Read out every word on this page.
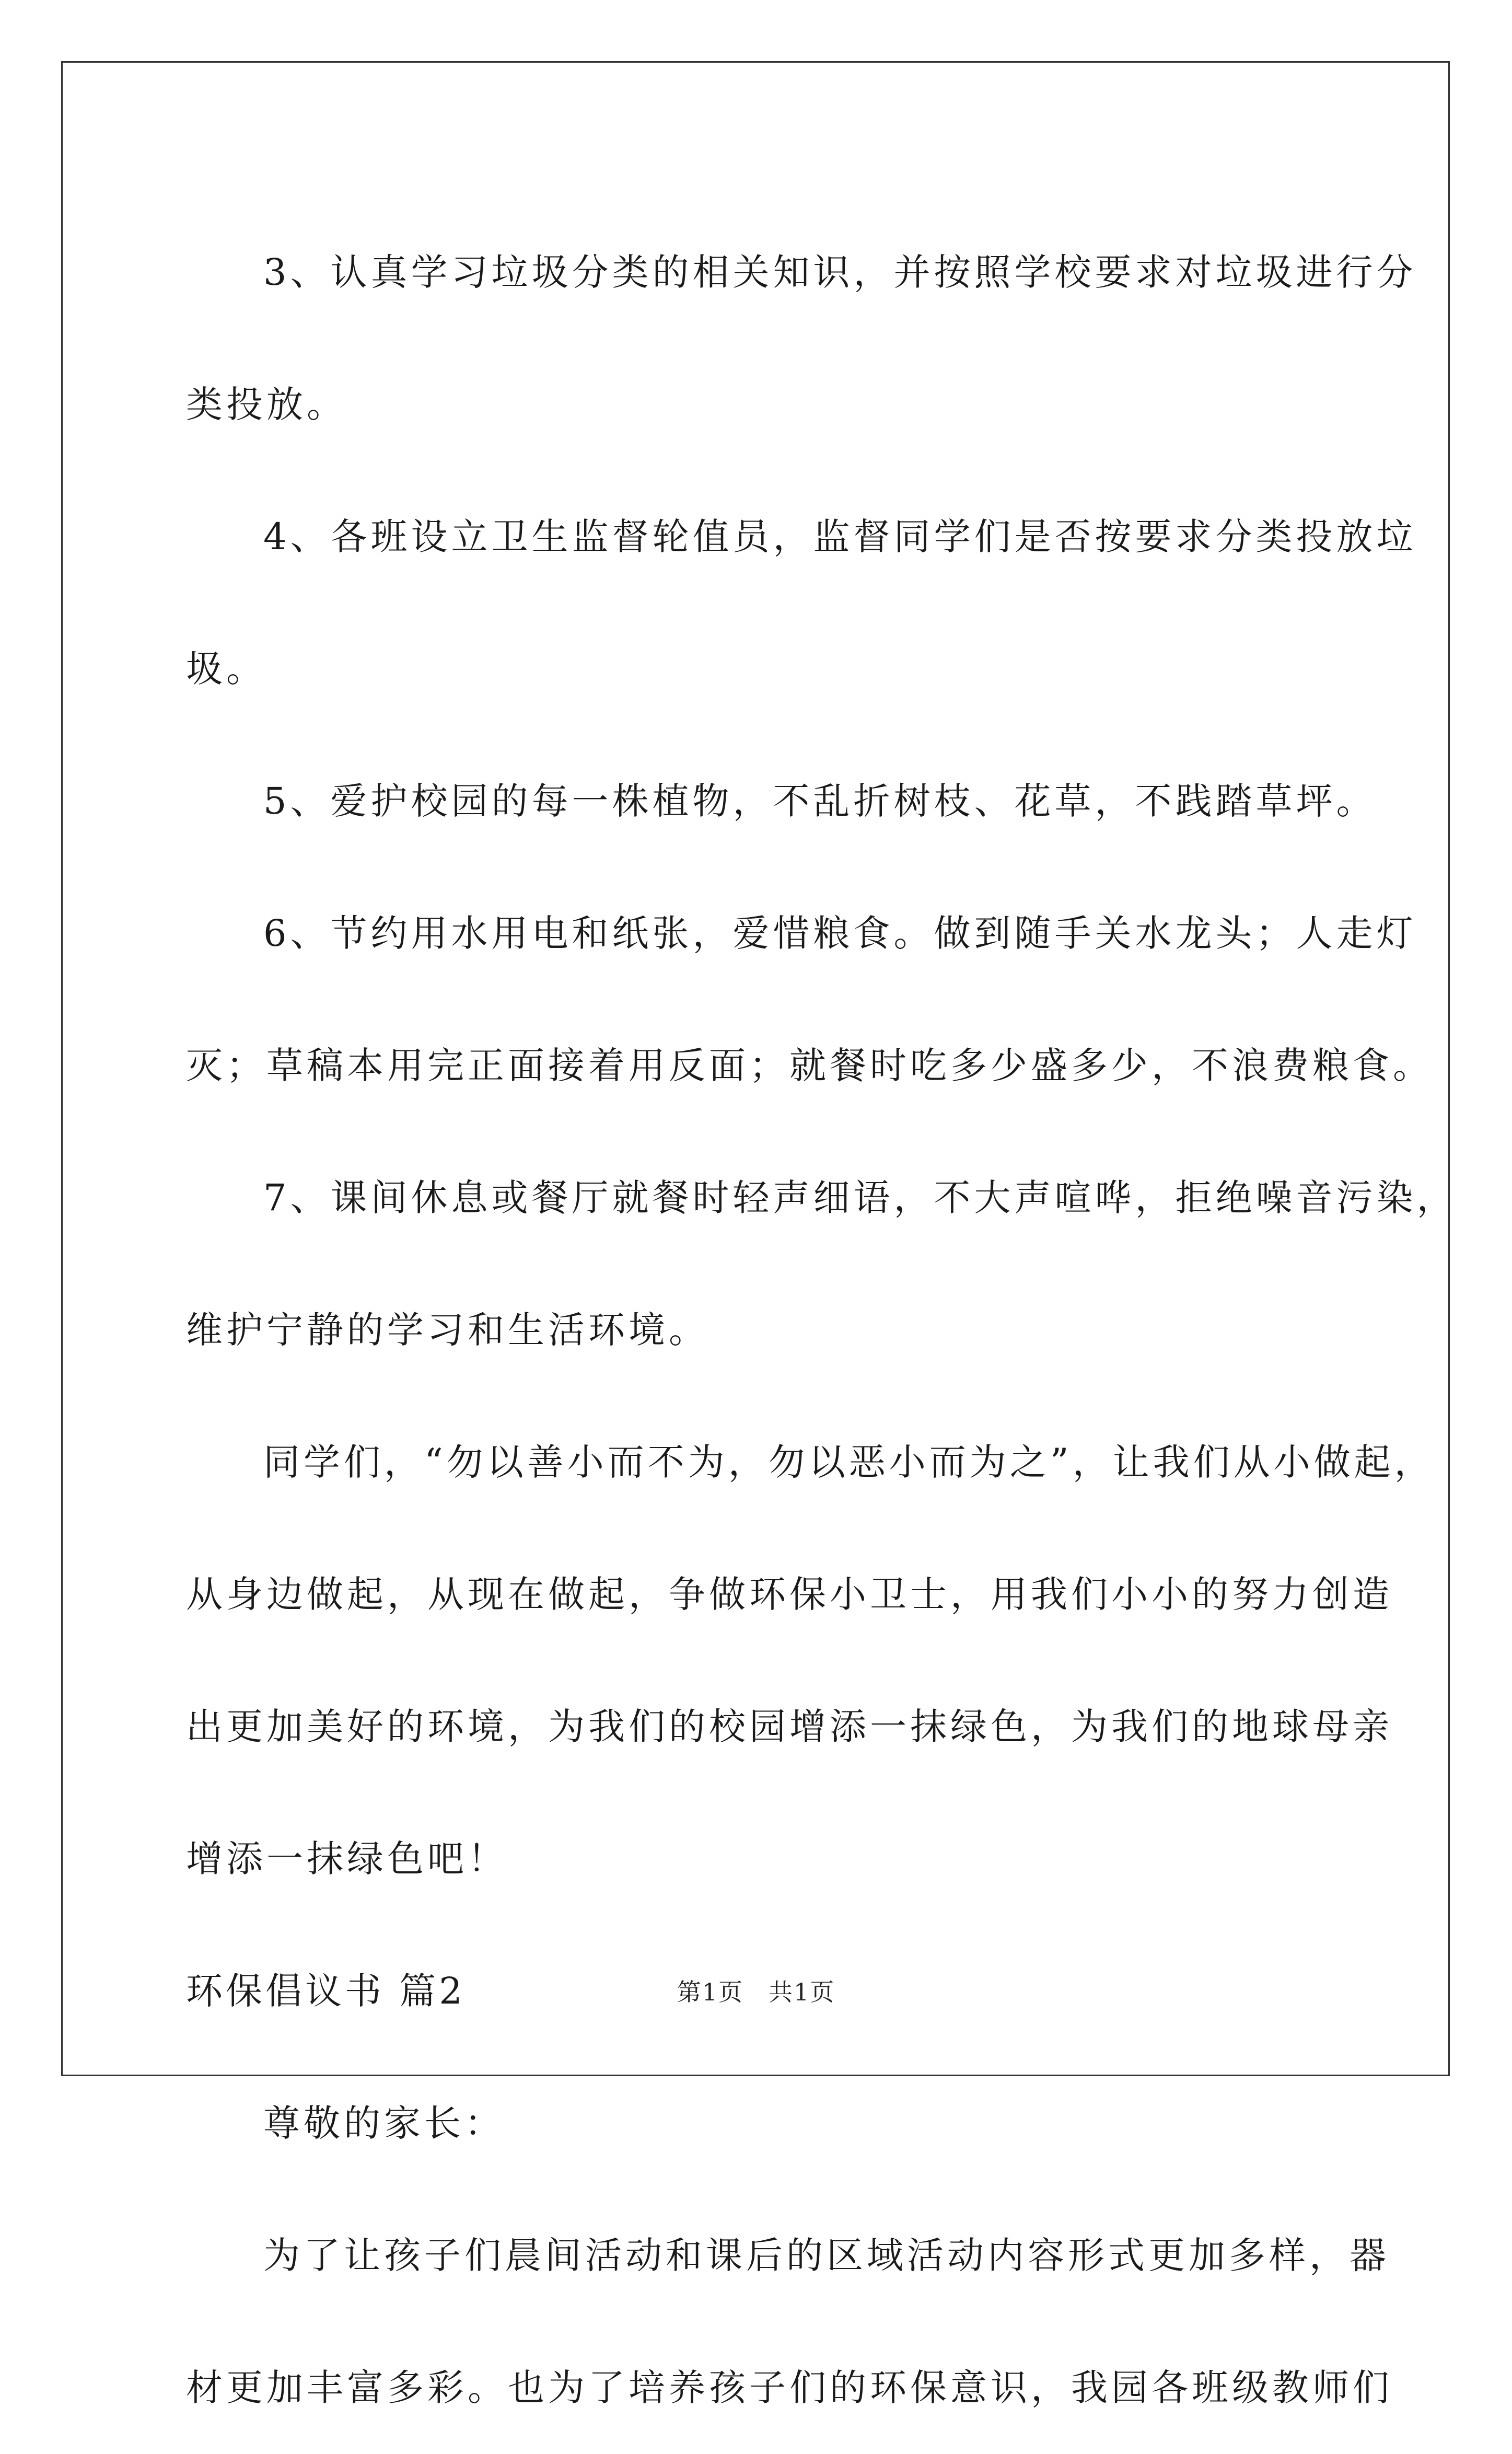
3、认真学习垃圾分类的相关知识，并按照学校要求对垃圾进行分
类投放。
4、各班设立卫生监督轮值员，监督同学们是否按要求分类投放垃
圾。
5、爱护校园的每一株植物，不乱折树枝、花草，不践踏草坪。
6、节约用水用电和纸张，爱惜粮食。做到随手关水龙头；人走灯
灭；草稿本用完正面接着用反面；就餐时吃多少盛多少，不浪费粮食。
7、课间休息或餐厅就餐时轻声细语，不大声喧哗，拒绝噪音污染，
维护宁静的学习和生活环境。
同学们，“勿以善小而不为，勿以恶小而为之”，让我们从小做起，
从身边做起，从现在做起，争做环保小卫士，用我们小小的努力创造
出更加美好的环境，为我们的校园增添一抹绿色，为我们的地球母亲
增添一抹绿色吧！
环保倡议书 篇2
尊敬的家长：
为了让孩子们晨间活动和课后的区域活动内容形式更加多样，器
材更加丰富多彩。也为了培养孩子们的环保意识，我园各班级教师们
第1页　共1页
